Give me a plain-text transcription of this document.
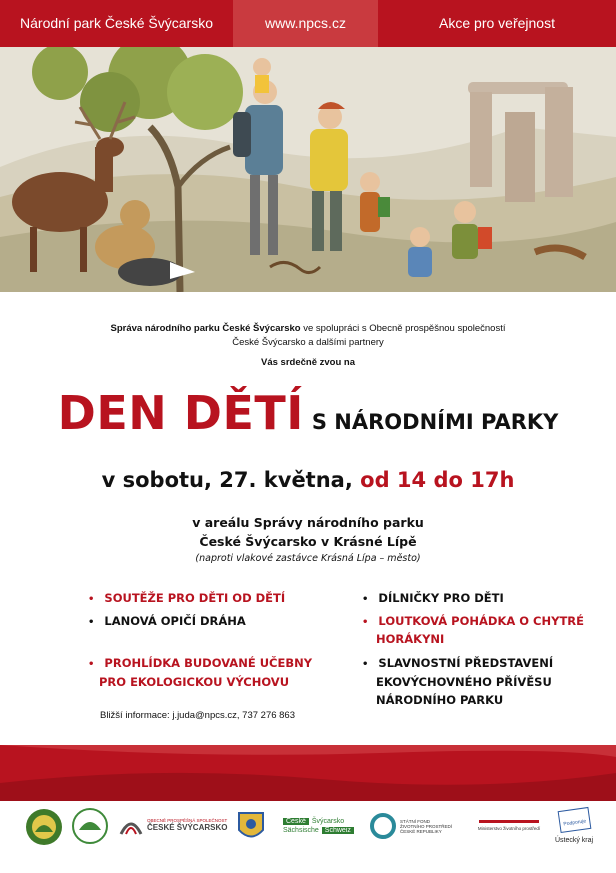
Národní park České Švýcarsko	www.npcs.cz	Akce pro veřejnost
Správa národního parku České Švýcarsko ve spolupráci s Obecně prospěšnou společností
České Švýcarsko a dalšími partnery
Vás srdečně zvou na
DEN DĚTÍ S NÁRODNÍMI PARKY
v sobotu, 27. května, od 14 do 17h
v areálu Správy národního parku
České Švýcarsko v Krásné Lípě
(naproti vlakové zastávce Krásná Lípa – město)
• SOUTĚŽE PRO DĚTI OD DĚTÍ
• LANOVÁ OPIČÍ DRÁHA
• PROHLÍDKA BUDOVANÉ UČEBNY
PRO EKOLOGICKOU VÝCHOVU
• DÍLNIČKY PRO DĚTI
• LOUTKOVÁ POHÁDKA O CHYTRÉ
HORÁKYNI
• SLAVNOSTNÍ PŘEDSTAVENÍ
EKOVÝCHOVNÉHO PŘÍVĚSU
NÁRODNÍHO PARKU
Bližší informace: j.juda@npcs.cz, 737 276 863
OBECNĚ PROSPĚŠNÁ SPOLEČNOST
ČESKÉ ŠVÝCARSKO
České Švýcarsko
Sächsische Schweiz
STÁTNÍ FOND
ŽIVOTNÍHO PROSTŘEDÍ
ČESKÉ REPUBLIKY
Ministerstvo životního prostředí
Podporuje
Ústecký kraj
